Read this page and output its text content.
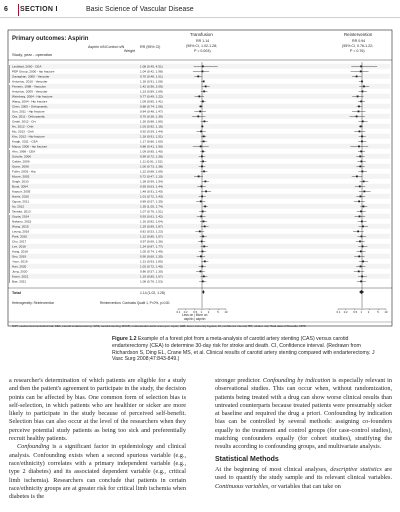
6 SECTION I	Basic Science of Vascular Disease
Primary outcomes: Aspirin
Study, year - operation
Aspirin n/N Control n/N
Weight
RR (95% CI)
Transfusion
RR 1.14
(95% CI, 1.02-1.28;
P = 0.003)
Reintervention
RR 0.94
(95% CI, 0.76-1.22;
P = 0.76)
Lindblad, 2000 - CEA	1.08 (0.45, 4.51)
PEP Group, 2000 - hip fracture	1.04 (0.42, 1.98)
Gavaghan, 2000 - Vascular	0.70 (0.48, 1.01)
Antoniou, 2010 - Vascular	1.18 (0.91, 1.08)
Ferraris, 1988 - Vascular	1.42 (0.96, 2.09)
Antoniou, 2009 - Vascular	1.23 (0.89, 1.69)
Weinberg, 2004 - Hip fracture	0.77 (0.49, 1.22)
Wang, 2004 - Hip fracture	1.09 (0.85, 1.41)
Chen, 2005 - Orthopaedic	0.88 (0.74, 1.06)
Sun, 2011 - Hip fracture	0.84 (0.48, 1.47)
Ota, 2011 - Orthopaedic	0.70 (0.38, 1.39)
Ozaki, 2012 - Ort	1.26 (0.88, 1.80)
Hu, 2012 - Orth	1.03 (0.92, 1.16)
Mo, 2013 - Orth	0.92 (0.59, 1.44)
Kim, 2012 - Hip fracture	1.18 (0.91, 1.51)
Kragh, 2011 - CEA	1.17 (0.86, 1.60)
Mayor, 2008 - hip fracture	0.88 (0.41, 1.90)
Ahn, 1998 - CEA	1.09 (0.85, 1.40)
Schulte, 2006	0.99 (0.72, 1.36)
Calder, 2006	1.11 (0.81, 1.52)
Stone, 2008	1.00 (0.73, 1.38)
Fuller, 2003 - Hip	1.22 (0.88, 1.69)
Moore, 2002	0.72 (0.47, 1.10)
Singh, 2010	1.38 (0.99, 1.94)
Bond, 2004	0.95 (0.63, 1.44)
Kapoor, 2005	1.48 (0.91, 2.40)
Harris, 2010	1.01 (0.72, 1.43)
Ogura, 2011	0.89 (0.57, 1.39)
Ito, 2012	1.35 (1.05, 1.74)
Tanaka, 2013	1.07 (0.76, 1.51)
Gupta, 2014	0.93 (0.61, 1.42)
Nakano, 2015	1.16 (0.82, 1.64)
Wong, 2015	1.29 (0.89, 1.87)
Leung, 2016	0.81 (0.53, 1.23)
Park, 2016	1.12 (0.80, 1.57)
Cho, 2017	0.97 (0.69, 1.36)
Lee, 2018	1.24 (0.87, 1.77)
Kang, 2018	1.05 (0.74, 1.49)
Seo, 2019	0.90 (0.60, 1.35)
Yoon, 2019	1.31 (0.93, 1.85)
Han, 2020	1.02 (0.72, 1.45)
Jung, 2020	0.86 (0.57, 1.30)
Kwon, 2021	1.19 (0.85, 1.67)
Bae, 2021	1.08 (0.76, 1.53)
Total	1.14 (1.02, 1.28)
Heterogeneity: Reintervention	Reintervention: Contrasts Qualit 1, P<0%, p=0.81
0.1 0.2 0.5 1 2	5 10	0.1 0.2 0.5 1 2	5 10
Less on | More on
aspirin | aspirin
NCT, randomized controlled trial; CEA, carotid endarterectomy; CAS, carotid stenting; EVAR, endovascular aortic aneurysm repair; LEB, lower extremity bypass; CI, confidence interval; RR, relative risk; Total data of Rosvalls, 1975.
Figure 1.2 Example of a forest plot from a meta-analysis of carotid artery stenting (CAS) versus carotid endarterectomy (CEA) to determine 30-day risk for stroke and death. CI, Confidence interval. (Redrawn from Richardson S, Ding EL, Crane MS, et al. Clinical results of carotid artery stenting compared with endarterectomy. J Vasc Surg 2008;47:843-849.)

a researcher's determination of which patients are eligible for a study and then the patient's agreement to participate in the study, the decision points can be affected by bias. One common form of selection bias is self-selection, in which patients who are healthier or sicker are more likely to participate in the study because of perceived self-benefit. Selection bias can also occur at the level of the researchers when they perceive potential study patients as being too sick and preferentially recruit healthy patients.

Confounding is a significant factor in epidemiology and clinical analysis. Confounding exists when a second spurious variable (e.g., race/ethnicity) correlates with a primary independent variable (e.g., type 2 diabetes) and its associated dependent variable (e.g., critical limb ischemia). Researchers can conclude that patients in certain race/ethnicity groups are at greater risk for critical limb ischemia when diabetes is the

stronger predictor. Confounding by indication is especially relevant in observational studies. This can occur when, without randomization, patients being treated with a drug can show worse clinical results than untreated counterparts because treated patients were presumably sicker at baseline and required the drug a priori. Confounding by indication bias can be controlled by several methods: assigning co-founders equally to the treatment and control groups (for case-control studies), matching confounders equally (for cohort studies), stratifying the results according to confounding groups, and multivariate analysis.

Statistical Methods

At the beginning of most clinical analyses, descriptive statistics are used to quantify the study sample and its relevant clinical variables. Continuous variables, or variables that can take on
